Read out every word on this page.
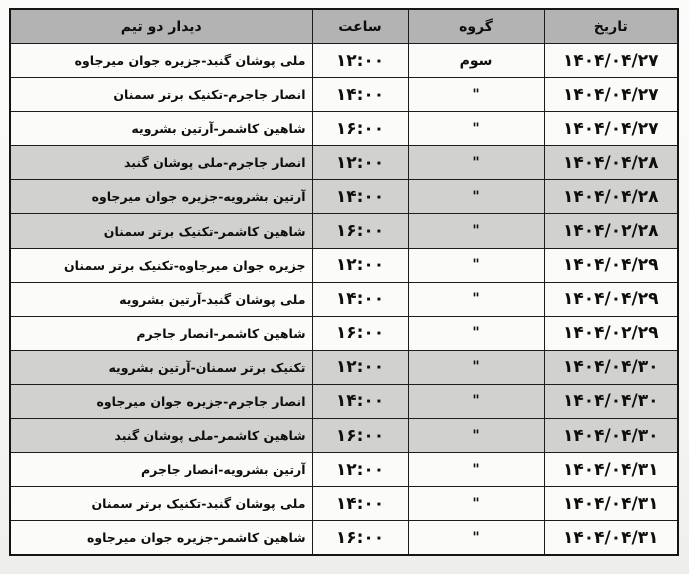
تاریخ	گروه	ساعت	دیدار دو تیم
۱۴۰۴/۰۴/۲۷	سوم	۱۲:۰۰	ملی پوشان گنبد-جزیره جوان میرجاوه
۱۴۰۴/۰۴/۲۷	"	۱۴:۰۰	انصار جاجرم-تکنیک برتر سمنان
۱۴۰۴/۰۴/۲۷	"	۱۶:۰۰	شاهین کاشمر-آرتین بشرویه
۱۴۰۴/۰۴/۲۸	"	۱۲:۰۰	انصار جاجرم-ملی پوشان گنبد
۱۴۰۴/۰۴/۲۸	"	۱۴:۰۰	آرتین بشرویه-جزیره جوان میرجاوه
۱۴۰۴/۰۲/۲۸	"	۱۶:۰۰	شاهین کاشمر-تکنیک برتر سمنان
۱۴۰۴/۰۴/۲۹	"	۱۲:۰۰	جزیره جوان میرجاوه-تکنیک برتر سمنان
۱۴۰۴/۰۴/۲۹	"	۱۴:۰۰	ملی پوشان گنبد-آرتین بشرویه
۱۴۰۴/۰۲/۲۹	"	۱۶:۰۰	شاهین کاشمر-انصار جاجرم
۱۴۰۴/۰۴/۳۰	"	۱۲:۰۰	تکنیک برتر سمنان-آرتین بشرویه
۱۴۰۴/۰۴/۳۰	"	۱۴:۰۰	انصار جاجرم-جزیره جوان میرجاوه
۱۴۰۴/۰۴/۳۰	"	۱۶:۰۰	شاهین کاشمر-ملی پوشان گنبد
۱۴۰۴/۰۴/۳۱	"	۱۲:۰۰	آرتین بشرویه-انصار جاجرم
۱۴۰۴/۰۴/۳۱	"	۱۴:۰۰	ملی پوشان گنبد-تکنیک برتر سمنان
۱۴۰۴/۰۴/۳۱	"	۱۶:۰۰	شاهین کاشمر-جزیره جوان میرجاوه
